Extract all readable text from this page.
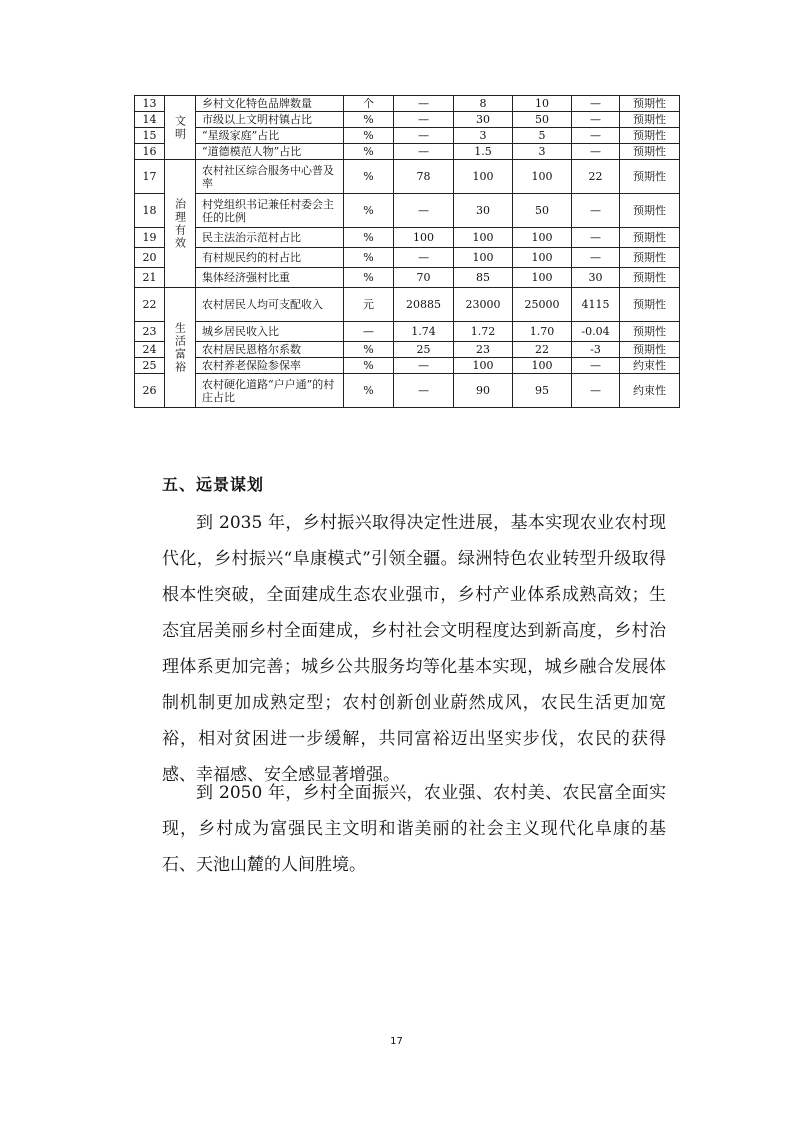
13	文明	乡村文化特色品牌数量	个	—	8	10	—	预期性
14		市级以上文明村镇占比	%	—	30	50	—	预期性
15		“星级家庭”占比	%	—	3	5	—	预期性
16		“道德模范人物”占比	%	—	1.5	3	—	预期性
17	治理有效	农村社区综合服务中心普及率	%	78	100	100	22	预期性
18		村党组织书记兼任村委会主任的比例	%	—	30	50	—	预期性
19		民主法治示范村占比	%	100	100	100	—	预期性
20		有村规民约的村占比	%	—	100	100	—	预期性
21		集体经济强村比重	%	70	85	100	30	预期性
22	生活富裕	农村居民人均可支配收入	元	20885	23000	25000	4115	预期性
23		城乡居民收入比	—	1.74	1.72	1.70	-0.04	预期性
24		农村居民恩格尔系数	%	25	23	22	-3	预期性
25		农村养老保险参保率	%	—	100	100	—	约束性
26		农村硬化道路“户户通”的村庄占比	%	—	90	95	—	约束性
五、远景谋划

到 2035 年，乡村振兴取得决定性进展，基本实现农业农村现代化，乡村振兴“阜康模式”引领全疆。绿洲特色农业转型升级取得根本性突破，全面建成生态农业强市，乡村产业体系成熟高效；生态宜居美丽乡村全面建成，乡村社会文明程度达到新高度，乡村治理体系更加完善；城乡公共服务均等化基本实现，城乡融合发展体制机制更加成熟定型；农村创新创业蔚然成风，农民生活更加宽裕，相对贫困进一步缓解，共同富裕迈出坚实步伐，农民的获得感、幸福感、安全感显著增强。

到 2050 年，乡村全面振兴，农业强、农村美、农民富全面实现，乡村成为富强民主文明和谐美丽的社会主义现代化阜康的基石、天池山麓的人间胜境。

17
